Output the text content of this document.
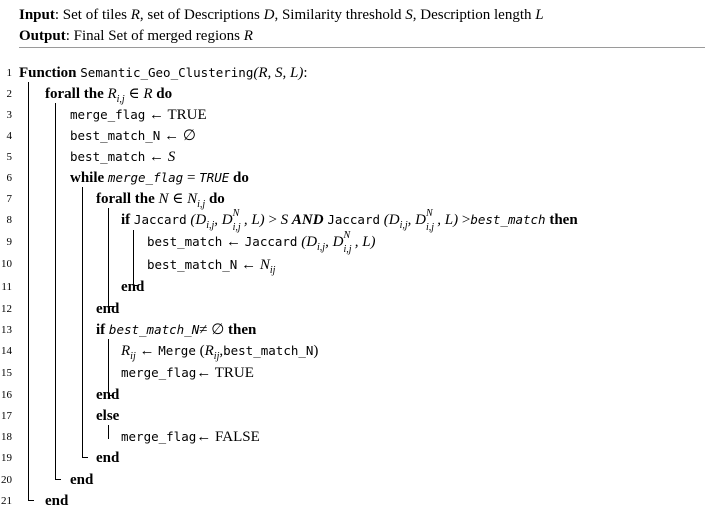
Input: Set of tiles R, set of Descriptions D, Similarity threshold S, Description length L
Output: Final Set of merged regions R
1
2
3
4
5
6
7
8
9
10
11
12
13
14
15
16
17
18
19
20
21
Function Semantic_Geo_Clustering(R, S, L):
forall the $R_{i,j}$ ∈ R do
merge_flag ← TRUE
best_match_N ← ∅
best_match ← S
while merge_flag = TRUE do
forall the N ∈ $N_{i,j}$ do
if Jaccard ($D_{i,j}$, D N
i,j , L) > S AND Jaccard ($D_{i,j}$, D N
i,j , L) >best_match then
best_match ← Jaccard ($D_{i,j}$, D N
i,j , L)
best_match_N ← $N_{ij}$
end
end
if best_match_N≠ ∅ then
$R_{ij}$ ← Merge $(R_{ij},best\_match\_N)$
merge_flag← TRUE
end
else
merge_flag← FALSE
end
end
end
